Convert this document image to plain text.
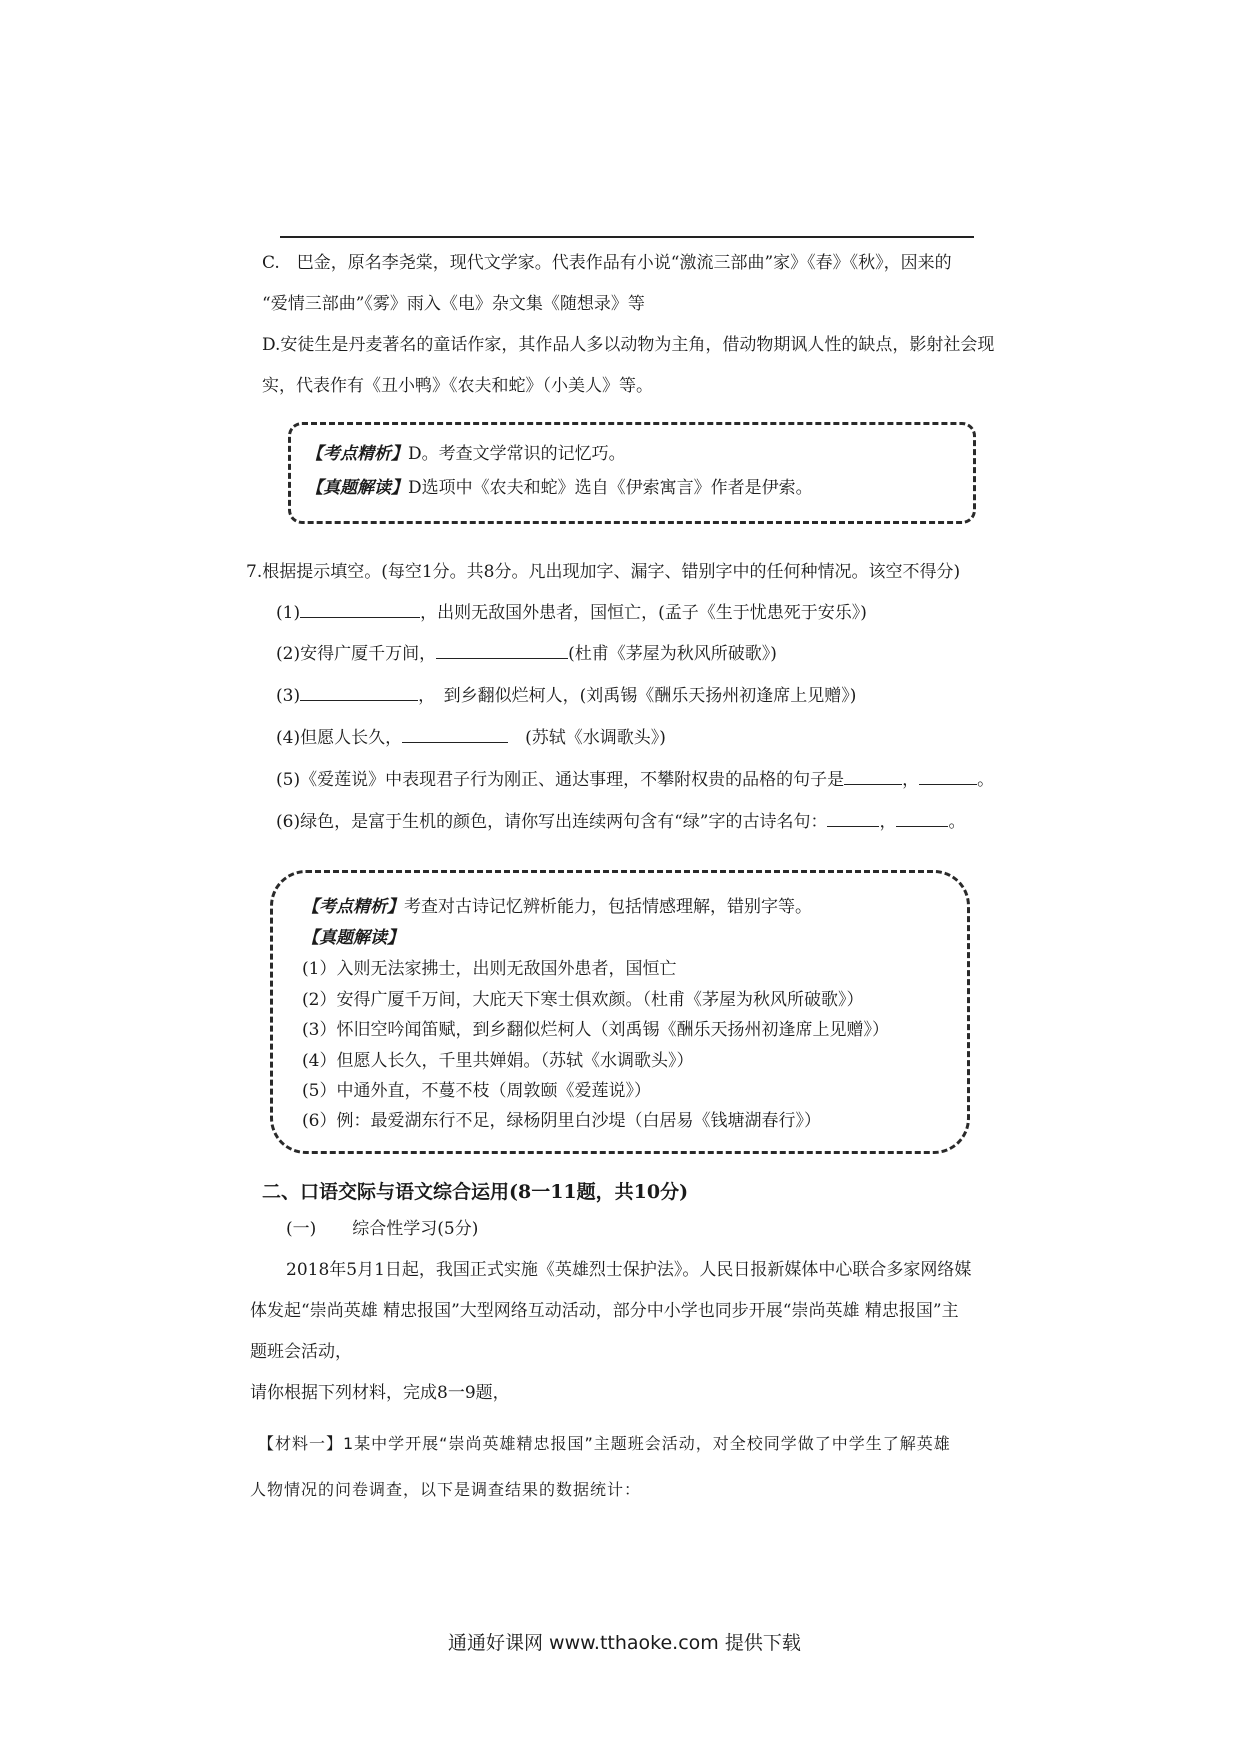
C.　巴金，原名李尧棠，现代文学家。代表作品有小说“激流三部曲”家》《春》《秋》，因来的
“爱情三部曲”《雾》雨入《电》杂文集《随想录》等
D.安徒生是丹麦著名的童话作家，其作品人多以动物为主角，借动物期讽人性的缺点，影射社会现
实，代表作有《丑小鸭》《农夫和蛇》（小美人》等。
【考点精析】D。考查文学常识的记忆巧。
【真题解读】D选项中《农夫和蛇》选自《伊索寓言》作者是伊索。
7.根据提示填空。(每空1分。共8分。凡出现加字、漏字、错别字中的任何种情况。该空不得分)
(1)	，出则无敌国外患者，国恒亡，(孟子《生于忧患死于安乐》)
(2)安得广厦千万间，	(杜甫《茅屋为秋风所破歌》)
(3)	，　到乡翻似烂柯人，(刘禹锡《酬乐天扬州初逢席上见赠》)
(4)但愿人长久，	　(苏轼《水调歌头》)
(5)《爱莲说》中表现君子行为刚正、通达事理，不攀附权贵的品格的句子是	，	。
(6)绿色，是富于生机的颜色，请你写出连续两句含有“绿”字的古诗名句：	，	。
【考点精析】考查对古诗记忆辨析能力，包括情感理解，错别字等。
【真题解读】
(1）入则无法家拂士，出则无敌国外患者，国恒亡
(2）安得广厦千万间，大庇天下寒士俱欢颜。（杜甫《茅屋为秋风所破歌》）
(3）怀旧空吟闻笛赋，到乡翻似烂柯人（刘禹锡《酬乐天扬州初逢席上见赠》）
(4）但愿人长久，千里共婵娟。（苏轼《水调歌头》）
(5）中通外直，不蔓不枝（周敦颐《爱莲说》）
(6）例：最爱湖东行不足，绿杨阴里白沙堤（白居易《钱塘湖春行》）
二、口语交际与语文综合运用(8一11题，共10分)
(一) 综合性学习(5分)
2018年5月1日起，我国正式实施《英雄烈士保护法》。人民日报新媒体中心联合多家网络媒
体发起“崇尚英雄 精忠报国”大型网络互动活动，部分中小学也同步开展“崇尚英雄 精忠报国”主
题班会活动，
请你根据下列材料，完成8一9题，
【材料一】1某中学开展“崇尚英雄精忠报国”主题班会活动，对全校同学做了中学生了解英雄
人物情况的问卷调查，以下是调查结果的数据统计：
通通好课网 www.tthaoke.com 提供下载
